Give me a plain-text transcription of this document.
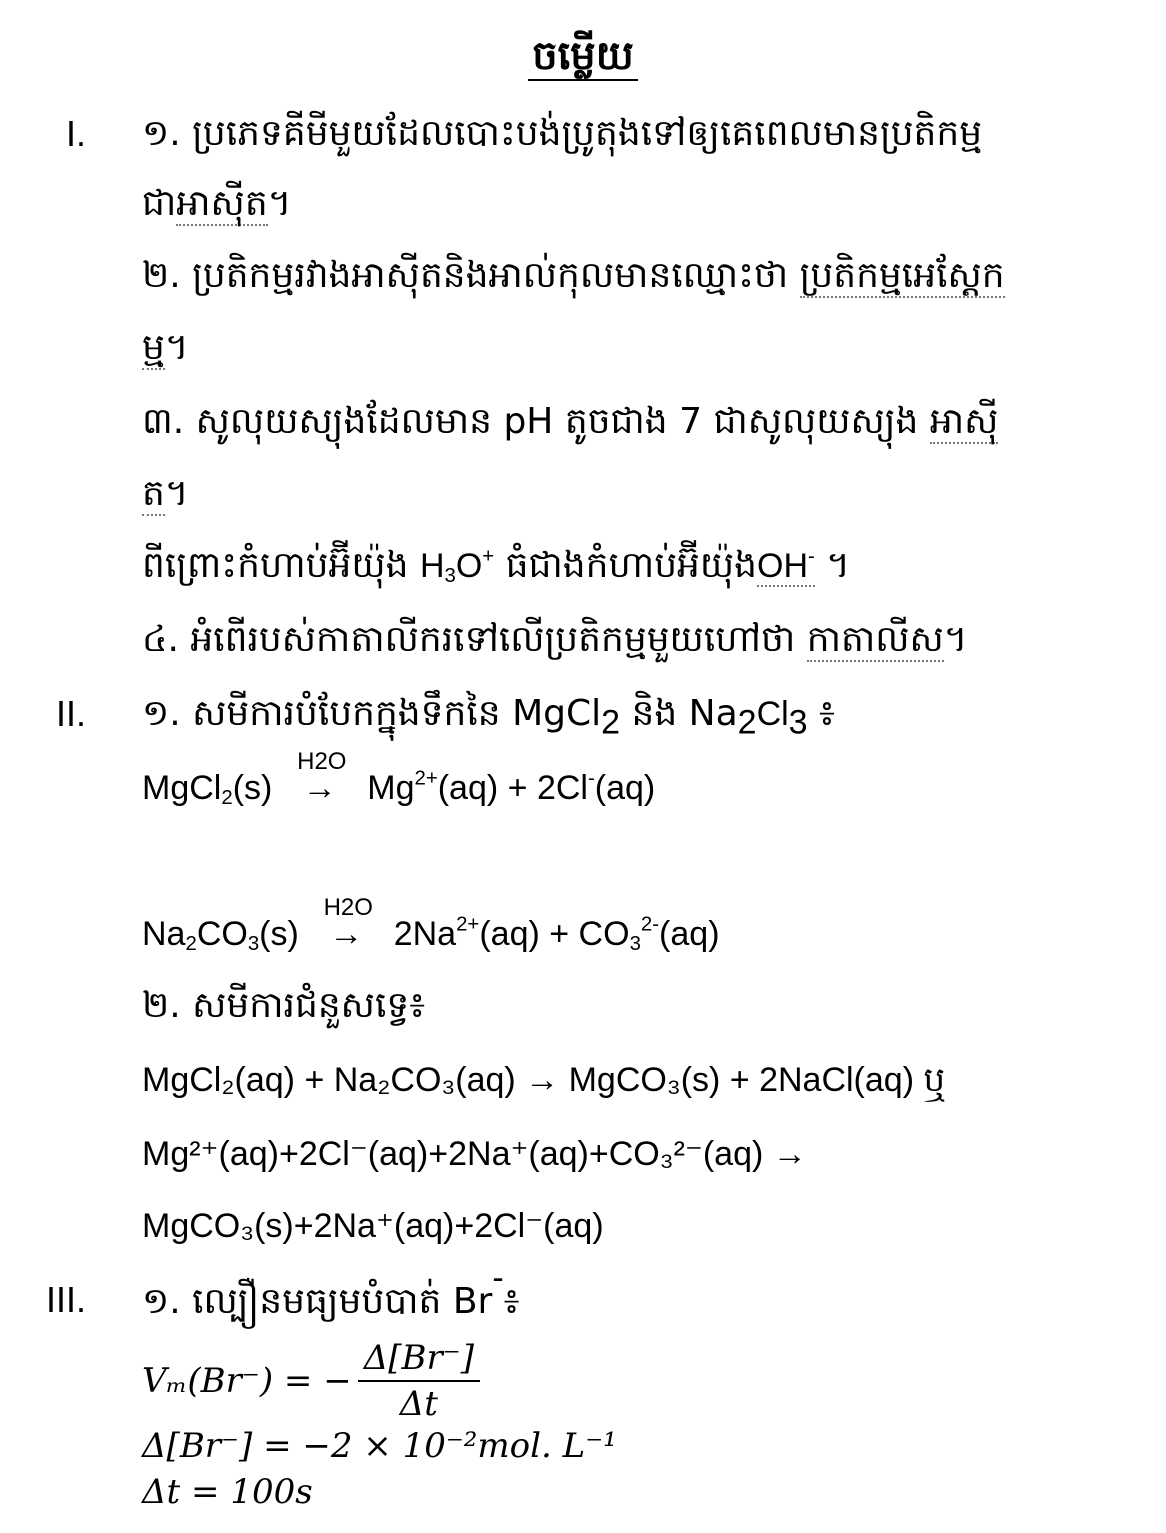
ចម្លើយ
I. ១. ប្រភេទគីមីមួយដែលបោះបង់ប្រូតុងទៅឲ្យគេពេលមានប្រតិកម្ម
ជាអាស៊ីត។
២. ប្រតិកម្មរវាងអាស៊ីតនិងអាល់កុលមានឈ្មោះថា ប្រតិកម្មអេស្តែក
ម្ម។
៣. សូលុយស្យុងដែលមាន pH តូចជាង 7 ជាសូលុយស្យុង អាស៊ី
ត។
ពីព្រោះកំហាប់អ៊ីយ៉ុង $H_3O^+$ ធំជាងកំហាប់អ៊ីយ៉ុងOH- ។
៤. អំពើរបស់កាតាលីករទៅលើប្រតិកម្មមួយហៅថា កាតាលីស។
II. ១. សមីការបំបែកក្នុងទឹកនៃ MgCl$_2$ និង $Na_2Cl_3$ ៖
MgCl$_2$(s)
H2O
→ $Mg^{2+}(aq) + 2Cl^-(aq)$
$Na_2CO_3(s)$
H2O
→ $2Na^{2+}(aq) + CO_3^{2-}(aq)$
២. សមីការជំនួសទ្វេ៖
MgCl₂(aq) + Na₂CO₃(aq) → MgCO₃(s) + 2NaCl(aq) ឬ
Mg²⁺(aq)+2Cl⁻(aq)+2Na⁺(aq)+CO₃²⁻(aq) →
MgCO₃(s)+2Na⁺(aq)+2Cl⁻(aq)
III. ១. ល្បឿនមធ្យមបំបាត់ Br-៖
Vₘ(Br⁻) = − $\frac{\Delta[Br^-]}{\Delta t}$
Δ[Br⁻] = −2 × 10⁻²mol. L⁻¹
Δt = 100s
